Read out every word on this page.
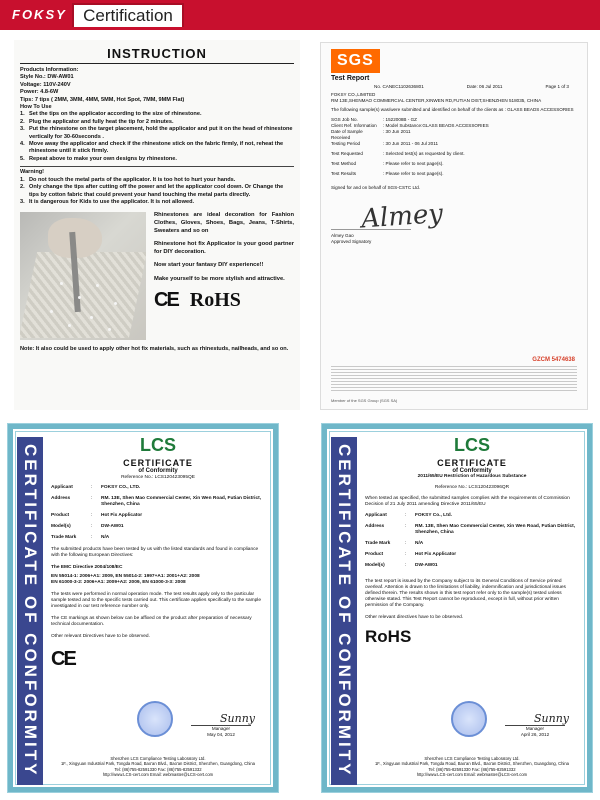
FOKSY Certification
INSTRUCTION
Products Information:
Style No.: DW-AW01
Voltage: 110V-240V
Power: 4.8-6W
Tips: 7 tips ( 2MM, 3MM, 4MM, 5MM, Hot Spot, 7MM, 9MM Flat)
How To Use
1. Set the tips on the applicator according to the size of rhinestone.
2. Plug the applicator and fully heat the tip for 2 minutes.
3. Put the rhinestone on the target placement, hold the applicator and put it on the head of rhinestone vertically for 30-60seconds .
4. Move away the applicator and check if the rhinestone stick on the fabric firmly, if not, reheat the rhinestone until it stick firmly.
5. Repeat above to make your own designs by rhinestone.
Warning!
1. Do not touch the metal parts of the applicator. It is too hot to hurt your hands.
2. Only change the tips after cutting off the power and let the applicator cool down. Or Change the tips by cotton fabric that could prevent your hand touching the metal parts directly.
3. It is dangerous for Kids to use the applicator. It is not allowed.

Rhinestones are ideal decoration for Fashion Clothes, Gloves, Shoes, Bags, Jeans, T-Shirts, Sweaters and so on

Rhinestone hot fix Applicator is your good partner for DIY decoration.

Now start your fantasy DIY experience!!

Make yourself to be more stylish and attractive.

CE RoHS
Note: It also could be used to apply other hot fix materials, such as rhinestuds, nailheads, and so on.
SGS
Test Report
No. CANEC1102636801	Date: 06 Jul 2011	Page 1 of 3
FOKSY CO.,LIMITED
RM 13E,SHENMAO COMMERCIAL CENTER,XINWEN RD,FUTIAN DIST,SHENZHEN 518035, CHINA
The following sample(s) was/were submitted and identified on behalf of the clients as : GLASS BEADS ACCESSORIES
SGS Job No.	: 1522008B - GZ
Client Ref. Information	: Model Substance:GLASS BEADS ACCESSORIES
Date of Sample Received
: 30 Jun 2011
Testing Period	: 30 Jun 2011 - 06 Jul 2011
Test Requested	: Selected test(s) as requested by client.
Test Method	: Please refer to next page(s).
Test Results	: Please refer to next page(s).
Signed for and on behalf of SGS-CSTC Ltd.
Almey
Almey Gao
Approved Signatory
GZCM 5474638
Member of the SGS Group (SGS SA)
CERTIFICATE OF CONFORMITY	LCS
CERTIFICATE
of Conformity
Reference No.: LCS120423095QE
Applicant	:	FOKSY CO., LTD.
Address	:	RM. 13E, Shen Mao Commercial Center, Xin Wen Road, Futian District, Shenzhen, China
Product	:	Hot Fix Applicator
Model(s)	:	DW-AW01
Trade Mark	:	N/A
The submitted products have been tested by us with the listed standards and found in compliance with the following European Directives:
The EMC Directive 2004/108/EC
EN 55014-1: 2006+A1: 2009, EN 55014-2: 1997+A1: 2001+A2: 2008
EN 61000-3-2: 2006+A1: 2009+A2: 2009, EN 61000-3-3: 2008
The tests were performed in normal operation mode. The test results apply only to the particular sample tested and to the specific tests carried out. This certificate applies specifically to the sample investigated in our test reference number only.
The CE markings as shown below can be affixed on the product after preparation of necessary technical documentation.
Other relevant Directives have to be observed.
CE
Sunny
Manager
May 04, 2012
Shenzhen LCS Compliance Testing Laboratory Ltd.
1F., Xingyuan Industrial Park, Tongda Road, Bao'an Blvd., Bao'an District, Shenzhen, Guangdong, China
Tel: (86)755-82591330 Fax: (86)755-82591332
http://www.LCS-cert.com Email: webmaster@LCS-cert.com	CERTIFICATE OF CONFORMITY	LCS
CERTIFICATE
of Conformity
2011/65/EU Restriction of Hazardous Substance
Reference No.: LCS120423096QR
When tested as specified, the submitted samples complies with the requirements of Commission Decision of 21 July 2011 amending Directive 2011/65/EU
Applicant	:	FOKSY Co., Ltd.
Address	:	RM. 13E, Shen Mao Commercial Center, Xin Wen Road, Futian District, Shenzhen, China
Trade Mark	:	N/A
Product	:	Hot Fix Applicator
Model(s)	:	DW-AW01
The test report is issued by the Company subject to its General Conditions of Service printed overleaf. Attention is drawn to the limitations of liability, indemnification and jurisdictional issues defined therein. The results shown in this test report refer only to the sample(s) tested unless otherwise stated. This Test Report cannot be reproduced, except in full, without prior written permission of the Company.
Other relevant directives have to be observed.
RoHS
Sunny
Manager
April 26, 2012
Shenzhen LCS Compliance Testing Laboratory Ltd.
1F., Xingyuan Industrial Park, Tongda Road, Bao'an Blvd., Bao'an District, Shenzhen, Guangdong, China
Tel: (86)755-82591330 Fax: (86)755-82591332
http://www.LCS-cert.com Email: webmaster@LCS-cert.com
